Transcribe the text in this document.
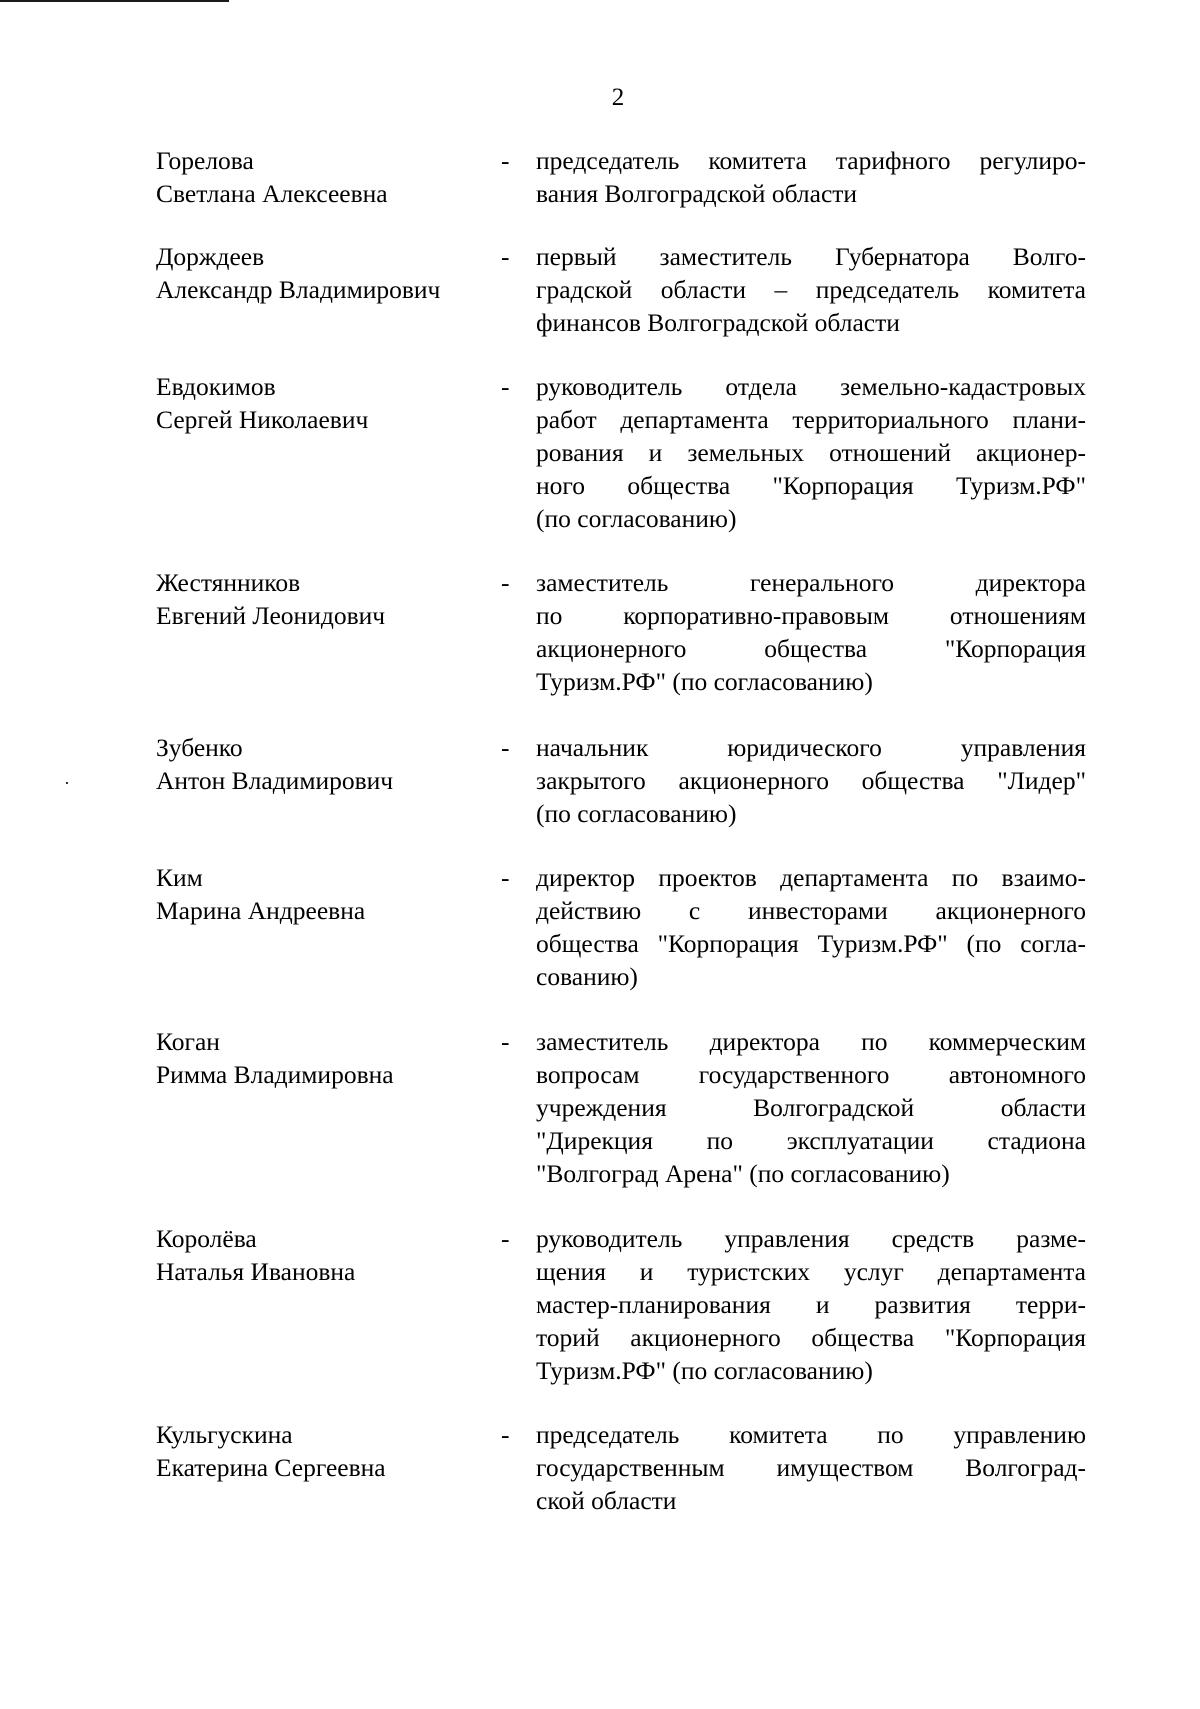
2
Горелова
Светлана Алексеевна
- председатель комитета тарифного регулиро-
вания Волгоградской области
Дорждеев
Александр Владимирович
- первый заместитель Губернатора Волго-
градской области – председатель комитета
финансов Волгоградской области
Евдокимов
Сергей Николаевич
- руководитель отдела земельно-кадастровых
работ департамента территориального плани-
рования и земельных отношений акционер-
ного общества "Корпорация Туризм.РФ"
(по согласованию)
Жестянников
Евгений Леонидович
- заместитель генерального директора
по корпоративно-правовым отношениям
акционерного общества "Корпорация
Туризм.РФ" (по согласованию)
Зубенко
Антон Владимирович
- начальник юридического управления
закрытого акционерного общества "Лидер"
(по согласованию)
Ким
Марина Андреевна
- директор проектов департамента по взаимо-
действию с инвесторами акционерного
общества "Корпорация Туризм.РФ" (по согла-
сованию)
Коган
Римма Владимировна
- заместитель директора по коммерческим
вопросам государственного автономного
учреждения Волгоградской области
"Дирекция по эксплуатации стадиона
"Волгоград Арена" (по согласованию)
Королёва
Наталья Ивановна
- руководитель управления средств разме-
щения и туристских услуг департамента
мастер-планирования и развития терри-
торий акционерного общества "Корпорация
Туризм.РФ" (по согласованию)
Кульгускина
Екатерина Сергеевна
- председатель комитета по управлению
государственным имуществом Волгоград-
ской области
